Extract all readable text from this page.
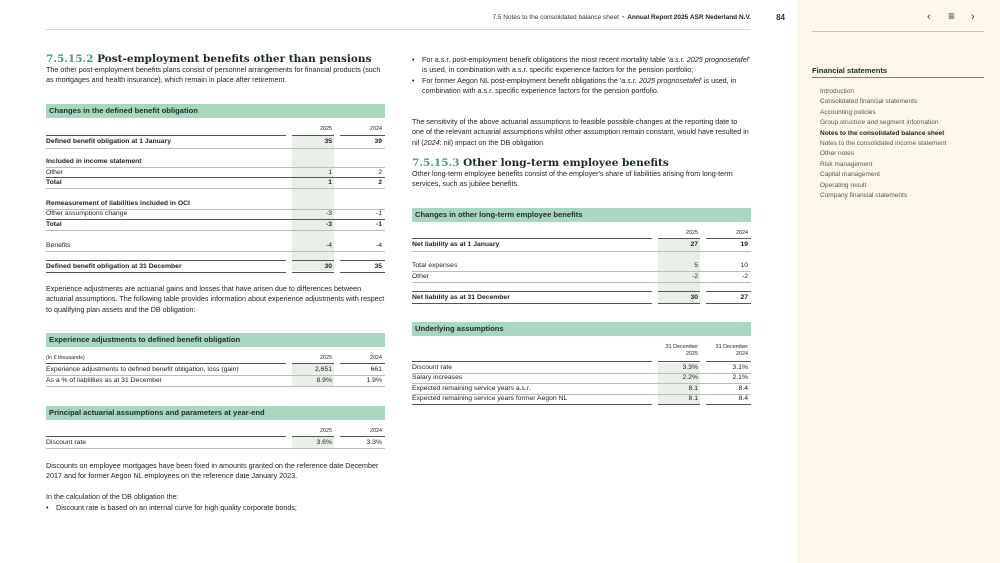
7.5 Notes to the consolidated balance sheet • Annual Report 2025 ASR Nederland N.V.	84
7.5.15.2 Post-employment benefits other than pensions

The other post-employment benefits plans consist of personnel arrangements for financial products (such as mortgages and health insurance), which remain in place after retirement.

Changes in the defined benefit obligation
2025	2024
Defined benefit obligation at 1 January	35	39
Included in income statement
Other	1	2
Total	1	2
Remeasurement of liabilities included in OCI
Other assumptions change	-3	-1
Total	-3	-1
Benefits	-4	-4
Defined benefit obligation at 31 December	30	35

Experience adjustments are actuarial gains and losses that have arisen due to differences between actuarial assumptions. The following table provides information about experience adjustments with respect to qualifying plan assets and the DB obligation:

Experience adjustments to defined benefit obligation
(in € thousands)	2025	2024
Experience adjustments to defined benefit obligation, loss (gain)	2,651	661
As a % of liabilities as at 31 December	8.9%	1.9%
Principal actuarial assumptions and parameters at year-end
2025	2024
Discount rate	3.6%	3.3%

Discounts on employee mortgages have been fixed in amounts granted on the reference date December 2017 and for former Aegon NL employees on the reference date January 2023.

In the calculation of the DB obligation the:

• Discount rate is based on an internal curve for high quality corporate bonds;
• For a.s.r. post-employment benefit obligations the most recent mortality table 'a.s.r. 2025 prognosetafel' is used, in combination with a.s.r. specific experience factors for the pension portfolio;
• For former Aegon NL post-employment benefit obligations the 'a.s.r. 2025 prognosetafel' is used, in combination with a.s.r. specific experience factors for the pension portfolio.

The sensitivity of the above actuarial assumptions to feasible possible changes at the reporting date to one of the relevant actuarial assumptions whilst other assumption remain constant, would have resulted in nil (2024: nil) impact on the DB obligation

7.5.15.3 Other long-term employee benefits

Other long-term employee benefits consist of the employer's share of liabilities arising from long-term services, such as jubilee benefits.

Changes in other long-term employee benefits
2025	2024
Net liability as at 1 January	27	19
Total expenses	5	10
Other	-2	-2
Net liability as at 31 December	30	27
Underlying assumptions
31 December
2025
31 December
2024
Discount rate	3.3%	3.1%
Salary increases	2.2%	2.1%
Expected remaining service years a.s.r.	8.1	8.4
Expected remaining service years former Aegon NL	8.1	8.4
‹ ≡ ›
Financial statements
Introduction
Consolidated financial statements
Accounting policies
Group structure and segment information
Notes to the consolidated balance sheet
Notes to the consolidated income statement
Other notes
Risk management
Capital management
Operating result
Company financial statements
